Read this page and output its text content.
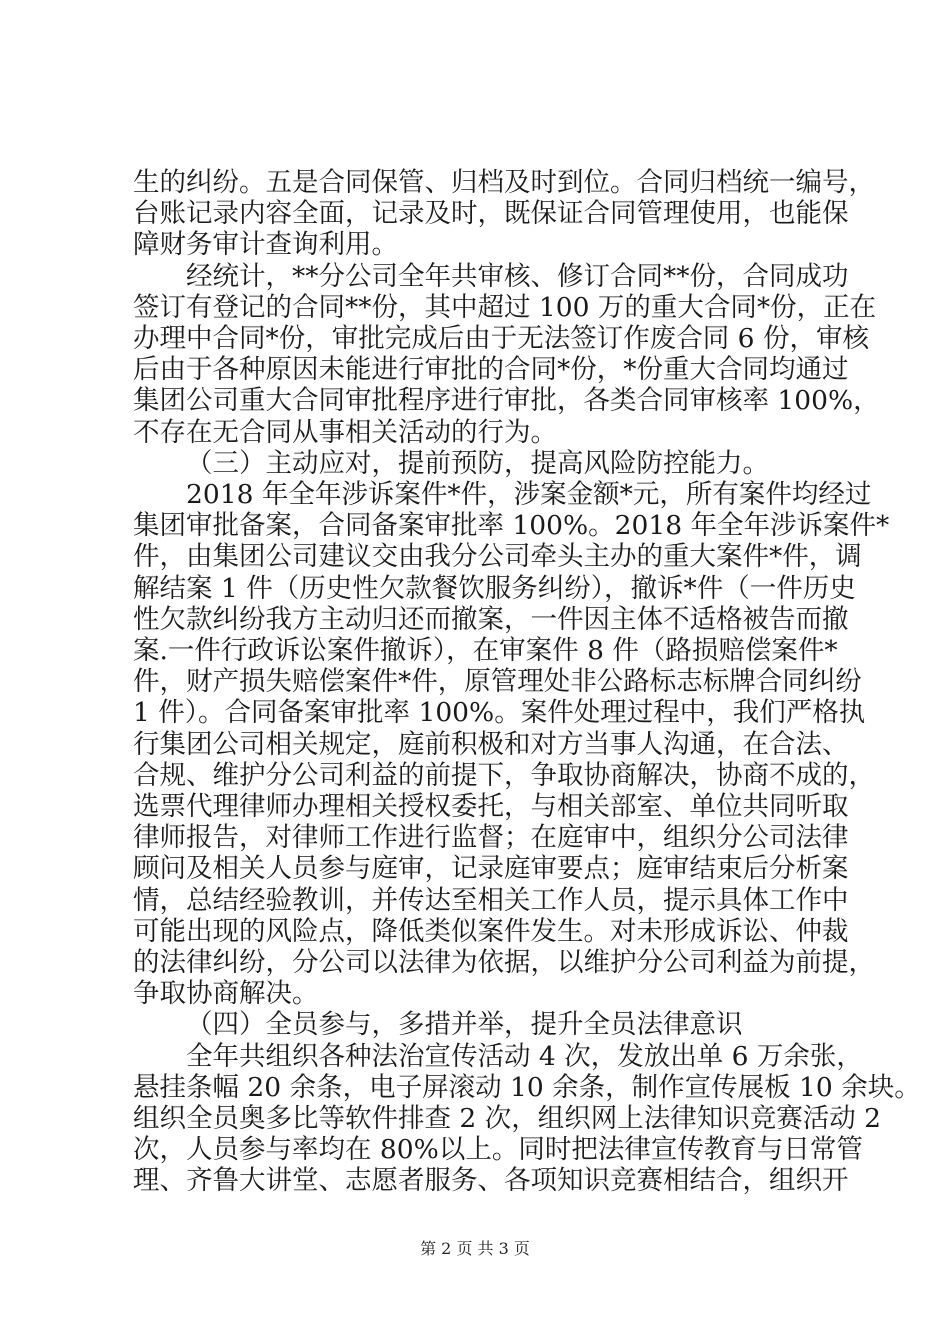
生的纠纷。五是合同保管、归档及时到位。合同归档统一编号，
台账记录内容全面，记录及时，既保证合同管理使用，也能保
障财务审计查询利用。
经统计，**分公司全年共审核、修订合同**份，合同成功
签订有登记的合同**份，其中超过 100 万的重大合同*份，正在
办理中合同*份，审批完成后由于无法签订作废合同 6 份，审核
后由于各种原因未能进行审批的合同*份，*份重大合同均通过
集团公司重大合同审批程序进行审批，各类合同审核率 100%，
不存在无合同从事相关活动的行为。
（三）主动应对，提前预防，提高风险防控能力。
2018 年全年涉诉案件*件，涉案金额*元，所有案件均经过
集团审批备案，合同备案审批率 100%。2018 年全年涉诉案件*
件，由集团公司建议交由我分公司牵头主办的重大案件*件，调
解结案 1 件（历史性欠款餐饮服务纠纷），撤诉*件（一件历史
性欠款纠纷我方主动归还而撤案，一件因主体不适格被告而撤
案.一件行政诉讼案件撤诉），在审案件 8 件（路损赔偿案件*
件，财产损失赔偿案件*件，原管理处非公路标志标牌合同纠纷
1 件）。合同备案审批率 100%。案件处理过程中，我们严格执
行集团公司相关规定，庭前积极和对方当事人沟通，在合法、
合规、维护分公司利益的前提下，争取协商解决，协商不成的，
选票代理律师办理相关授权委托，与相关部室、单位共同听取
律师报告，对律师工作进行监督；在庭审中，组织分公司法律
顾问及相关人员参与庭审，记录庭审要点；庭审结束后分析案
情，总结经验教训，并传达至相关工作人员，提示具体工作中
可能出现的风险点，降低类似案件发生。对未形成诉讼、仲裁
的法律纠纷，分公司以法律为依据，以维护分公司利益为前提，
争取协商解决。
（四）全员参与，多措并举，提升全员法律意识
全年共组织各种法治宣传活动 4 次，发放出单 6 万余张，
悬挂条幅 20 余条，电子屏滚动 10 余条，制作宣传展板 10 余块。
组织全员奥多比等软件排查 2 次，组织网上法律知识竞赛活动 2
第 2 页 共 3 页
次，人员参与率均在 80%以上。同时把法律宣传教育与日常管
理、齐鲁大讲堂、志愿者服务、各项知识竞赛相结合，组织开
